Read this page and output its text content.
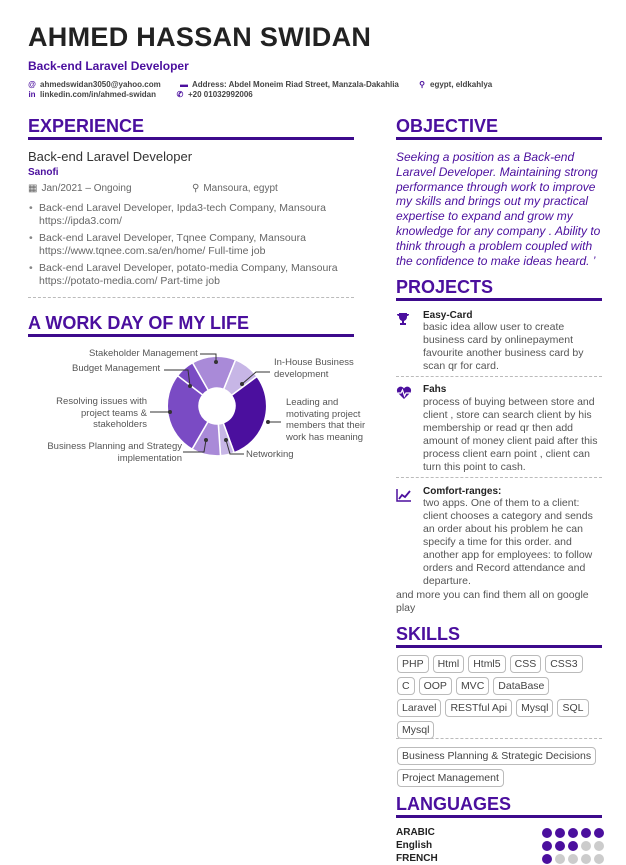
AHMED HASSAN SWIDAN
Back-end Laravel Developer
@ ahmedswidan3050@yahoo.com ▬ Address: Abdel Moneim Riad Street, Manzala-Dakahlia	⚲ egypt, eldkahlya
in linkedin.com/in/ahmed-swidan	✆ +20 01032992006
EXPERIENCE
Back-end Laravel Developer
Sanofi
▦ Jan/2021 – Ongoing	⚲ Mansoura, egypt
• Back-end Laravel Developer, Ipda3-tech Company, Mansoura https://ipda3.com/
• Back-end Laravel Developer, Tqnee Company, Mansoura https://www.tqnee.com.sa/en/home/ Full-time job
• Back-end Laravel Developer, potato-media Company, Mansoura https://potato-media.com/ Part-time job
A WORK DAY OF MY LIFE
Stakeholder Management
Budget Management
Resolving issues with project teams & stakeholders
Business Planning and Strategy implementation
In-House Business development
Leading and motivating project members that their work has meaning
Networking
OBJECTIVE
Seeking a position as a Back-end Laravel Developer. Maintaining strong performance through work to improve my skills and brings out my practical expertise to expand and grow my knowledge for any company . Ability to think through a problem coupled with the confidence to make ideas heard. ’
PROJECTS
Easy-Card
basic idea allow user to create business card by onlinepayment favourite another business card by scan qr for card.
Fahs
process of buying between store and client , store can search client by his membership or read qr then add amount of money client paid after this process client earn point , client can turn this point to cash.
Comfort-ranges:
two apps. One of them to a client: client chooses a category and sends an order about his problem he can specify a time for this order. and another app for employees: to follow orders and Record attendance and departure.
and more you can find them all on google play
SKILLS
PHP	Html	Html5	CSS	CSS3
C	OOP	MVC	DataBase
Laravel	RESTful Api	Mysql	SQL
Mysql
Business Planning & Strategic Decisions
Project Management
LANGUAGES
ARABIC
English
FRENCH
